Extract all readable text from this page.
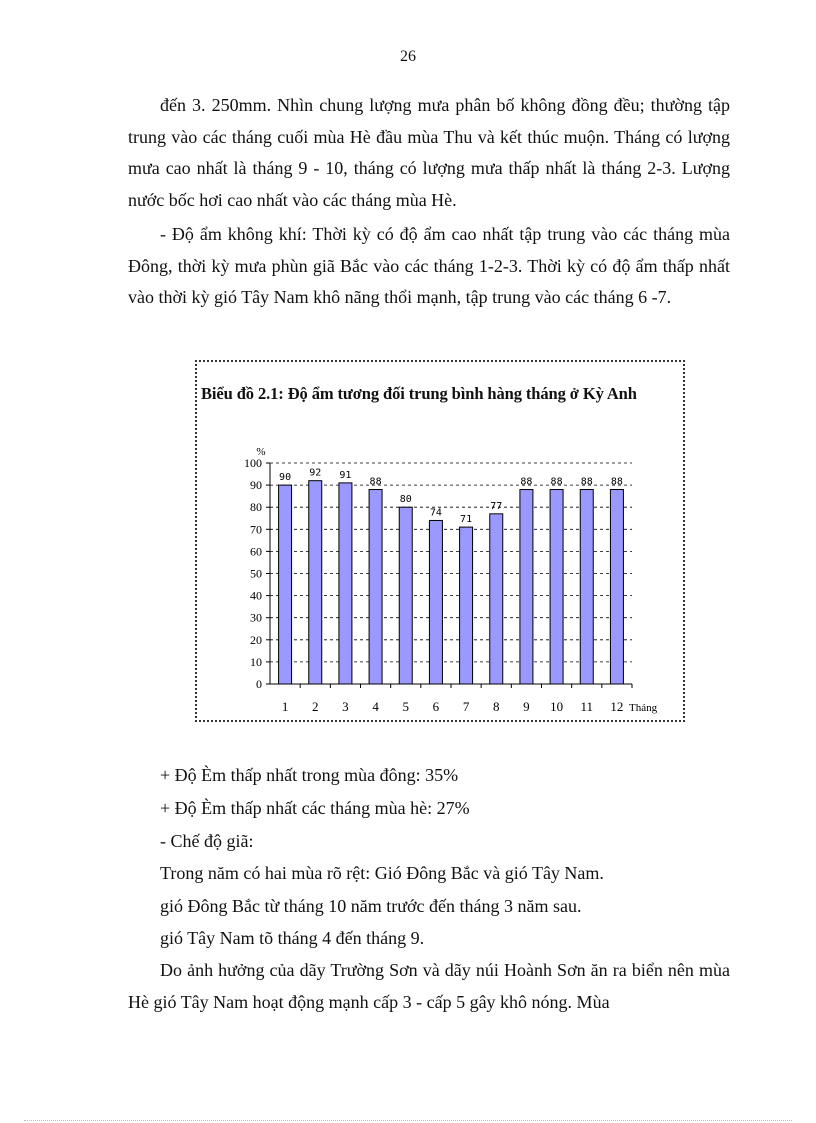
26

đến 3. 250mm. Nhìn chung lượng mưa phân bố không đồng đều; thường tập trung vào các tháng cuối mùa Hè đầu mùa Thu và kết thúc muộn. Tháng có lượng mưa cao nhất là tháng 9 - 10, tháng có lượng mưa thấp nhất là tháng 2-3. Lượng nước bốc hơi cao nhất vào các tháng mùa Hè.

- Độ ẩm không khí: Thời kỳ có độ ẩm cao nhất tập trung vào các tháng mùa Đông, thời kỳ mưa phùn giã Bắc vào các tháng 1-2-3. Thời kỳ có độ ẩm thấp nhất vào thời kỳ gió Tây Nam khô nãng thổi mạnh, tập trung vào các tháng 6 -7.

Biểu đồ 2.1: Độ ẩm tương đối trung bình hàng tháng ở Kỳ Anh
0
10
20
30
40
50
60
70
80
90
100
%
90
1
92
2
91
3
88
4
80
5
74
6
71
7
77
8
88
9
88
10
88
11
88
12 Tháng

+ Độ Èm thấp nhất trong mùa đông: 35%

+ Độ Èm thấp nhất các tháng mùa hè: 27%

- Chế độ giã:

Trong năm có hai mùa rõ rệt: Gió Đông Bắc và gió Tây Nam.

gió Đông Bắc từ tháng 10 năm trước đến tháng 3 năm sau.

gió Tây Nam tõ tháng 4 đến tháng 9.

Do ảnh hưởng của dãy Trường Sơn và dãy núi Hoành Sơn ăn ra biển nên mùa Hè gió Tây Nam hoạt động mạnh cấp 3 - cấp 5 gây khô nóng. Mùa
